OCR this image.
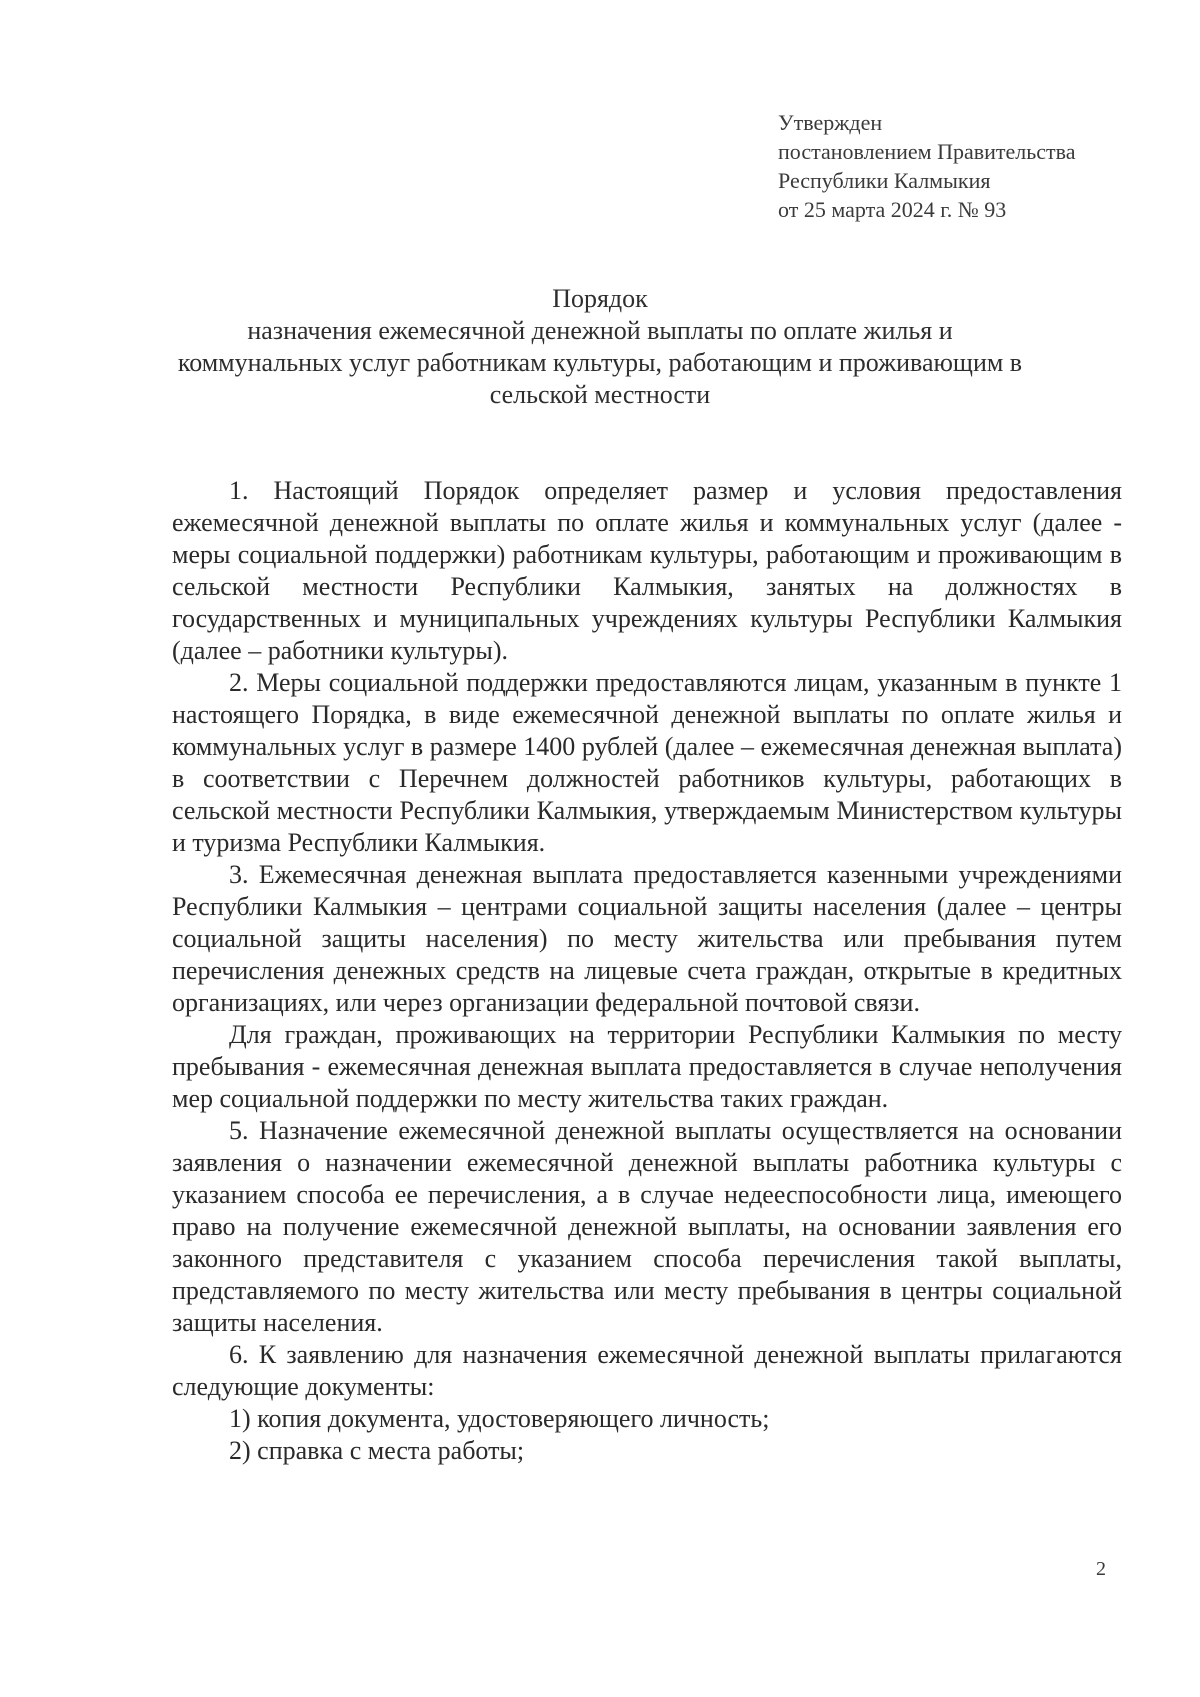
Утвержден
постановлением Правительства
Республики Калмыкия
от 25 марта 2024 г. № 93
Порядок
назначения ежемесячной денежной выплаты по оплате жилья и
коммунальных услуг работникам культуры, работающим и проживающим в
сельской местности

1. Настоящий Порядок определяет размер и условия предоставления ежемесячной денежной выплаты по оплате жилья и коммунальных услуг (далее - меры социальной поддержки) работникам культуры, работающим и проживающим в сельской местности Республики Калмыкия, занятых на должностях в государственных и муниципальных учреждениях культуры Республики Калмыкия (далее – работники культуры).

2. Меры социальной поддержки предоставляются лицам, указанным в пункте 1 настоящего Порядка, в виде ежемесячной денежной выплаты по оплате жилья и коммунальных услуг в размере 1400 рублей (далее – ежемесячная денежная выплата) в соответствии с Перечнем должностей работников культуры, работающих в сельской местности Республики Калмыкия, утверждаемым Министерством культуры и туризма Республики Калмыкия.

3. Ежемесячная денежная выплата предоставляется казенными учреждениями Республики Калмыкия – центрами социальной защиты населения (далее – центры социальной защиты населения) по месту жительства или пребывания путем перечисления денежных средств на лицевые счета граждан, открытые в кредитных организациях, или через организации федеральной почтовой связи.

Для граждан, проживающих на территории Республики Калмыкия по месту пребывания - ежемесячная денежная выплата предоставляется в случае неполучения мер социальной поддержки по месту жительства таких граждан.

5. Назначение ежемесячной денежной выплаты осуществляется на основании заявления о назначении ежемесячной денежной выплаты работника культуры с указанием способа ее перечисления, а в случае недееспособности лица, имеющего право на получение ежемесячной денежной выплаты, на основании заявления его законного представителя с указанием способа перечисления такой выплаты, представляемого по месту жительства или месту пребывания в центры социальной защиты населения.

6. К заявлению для назначения ежемесячной денежной выплаты прилагаются следующие документы:

1) копия документа, удостоверяющего личность;

2) справка с места работы;

2
